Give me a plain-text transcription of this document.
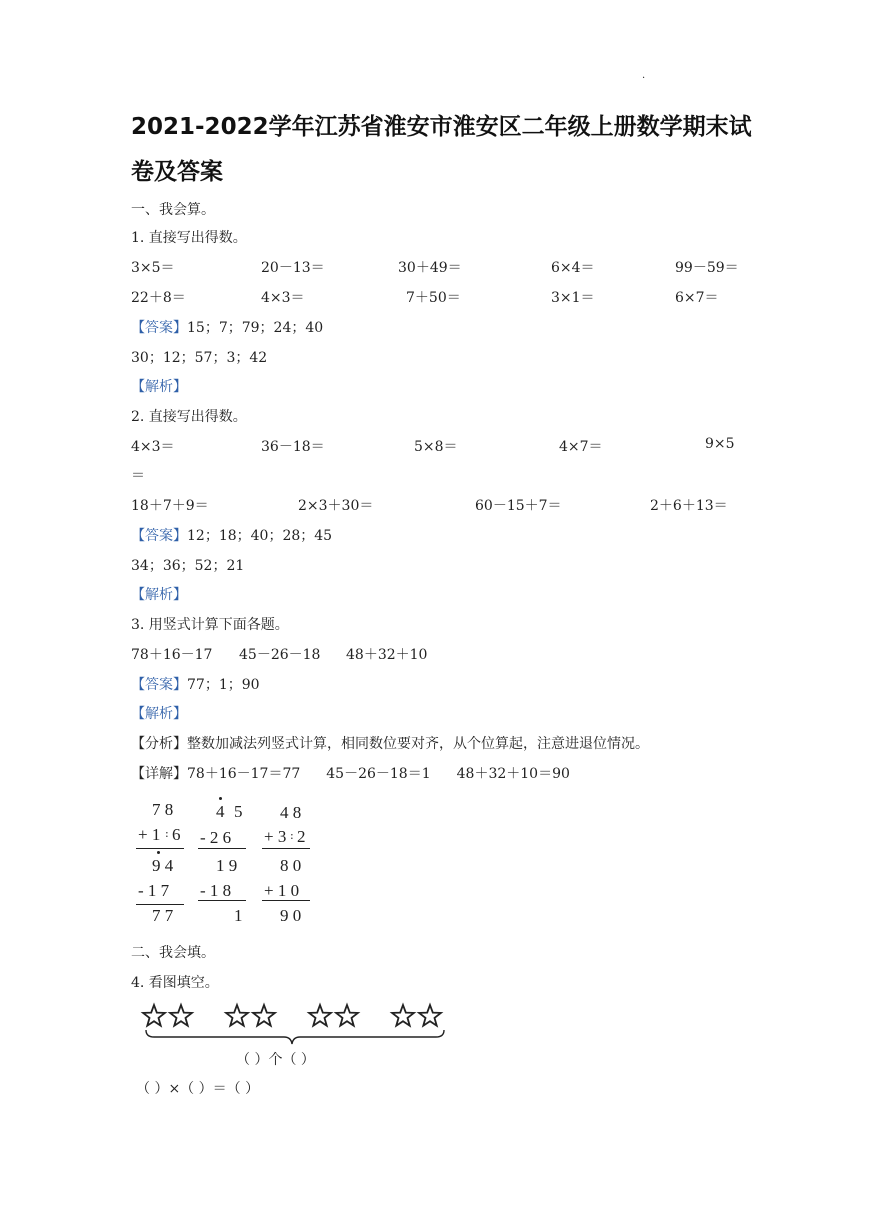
.
2021-2022学年江苏省淮安市淮安区二年级上册数学期末试
卷及答案
一、我会算。
1. 直接写出得数。
3×5＝	20－13＝	30＋49＝	6×4＝	99－59＝
22＋8＝	4×3＝	7＋50＝	3×1＝	6×7＝
【答案】15；7；79；24；40
30；12；57；3；42
【解析】
2. 直接写出得数。
4×3＝	36－18＝	5×8＝	4×7＝	9×5
＝
18＋7＋9＝	2×3＋30＝	60－15＋7＝	2＋6＋13＝
【答案】12；18；40；28；45
34；36；52；21
【解析】
3. 用竖式计算下面各题。
78＋16－17 45－26－18 48＋32＋10
【答案】77；1；90
【解析】
【分析】整数加减法列竖式计算，相同数位要对齐，从个位算起，注意进退位情况。
【详解】78＋16－17＝77 45－26－18＝1 48＋32＋10＝90
7 8
+ 1 : 6
9 4
- 1 7
7 7
4 5
- 2 6
1 9
- 1 8
1
4 8
+ 3 : 2
8 0
+ 1 0
9 0
二、我会填。
4. 看图填空。
（ ）个（ ）
（ ）×（ ）＝（ ）
